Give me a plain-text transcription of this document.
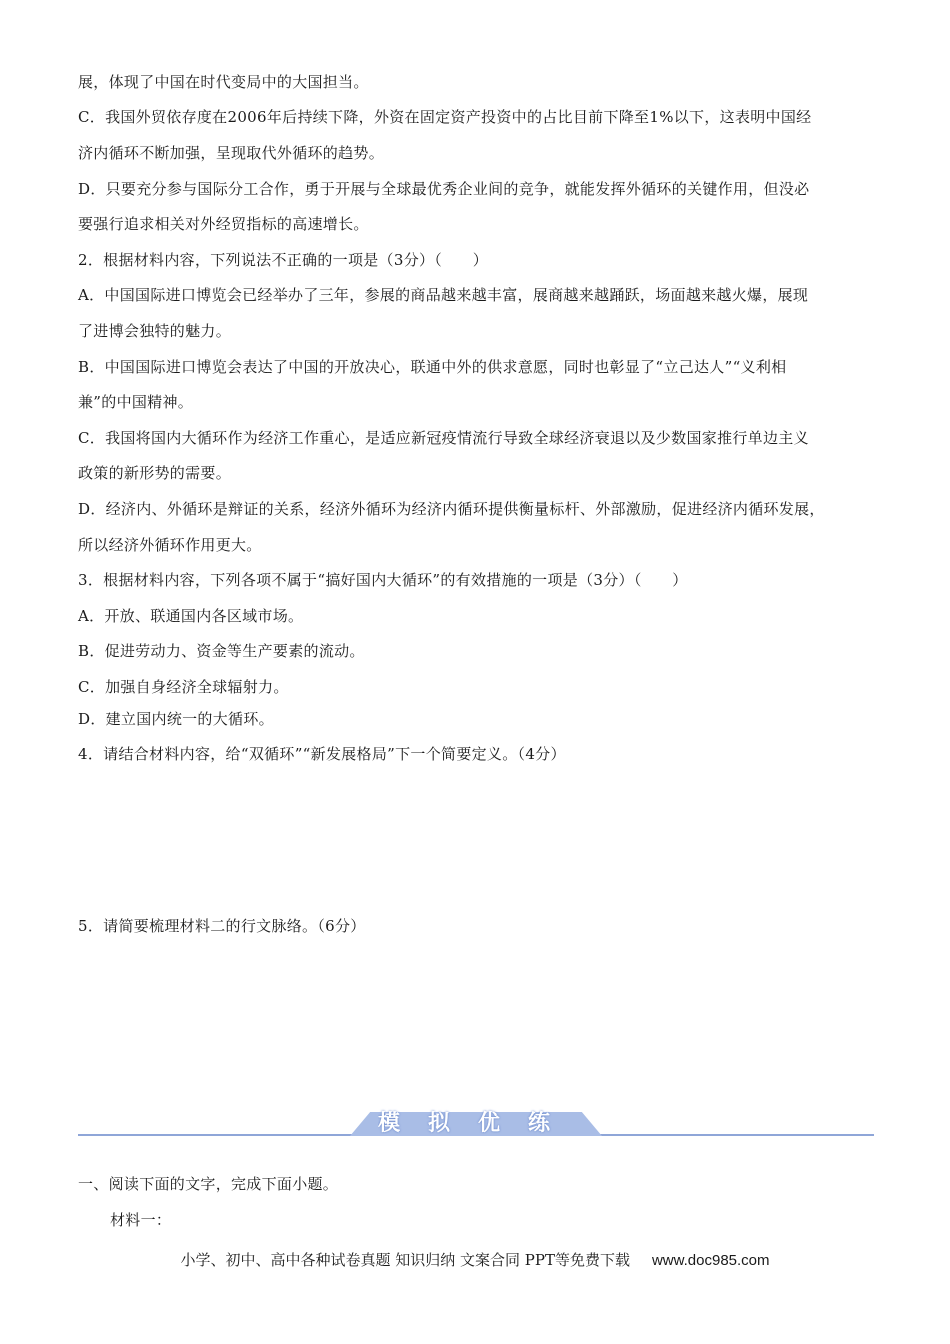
展，体现了中国在时代变局中的大国担当。
C．我国外贸依存度在2006年后持续下降，外资在固定资产投资中的占比目前下降至1%以下，这表明中国经
济内循环不断加强，呈现取代外循环的趋势。
D．只要充分参与国际分工合作，勇于开展与全球最优秀企业间的竞争，就能发挥外循环的关键作用，但没必
要强行追求相关对外经贸指标的高速增长。
2．根据材料内容，下列说法不正确的一项是（3分）（　　）
A．中国国际进口博览会已经举办了三年，参展的商品越来越丰富，展商越来越踊跃，场面越来越火爆，展现
了进博会独特的魅力。
B．中国国际进口博览会表达了中国的开放决心，联通中外的供求意愿，同时也彰显了“立己达人”“义利相
兼”的中国精神。
C．我国将国内大循环作为经济工作重心，是适应新冠疫情流行导致全球经济衰退以及少数国家推行单边主义
政策的新形势的需要。
D．经济内、外循环是辩证的关系，经济外循环为经济内循环提供衡量标杆、外部激励，促进经济内循环发展，
所以经济外循环作用更大。
3．根据材料内容，下列各项不属于“搞好国内大循环”的有效措施的一项是（3分）（　　）
A．开放、联通国内各区域市场。
B．促进劳动力、资金等生产要素的流动。
C．加强自身经济全球辐射力。
D．建立国内统一的大循环。
4．请结合材料内容，给“双循环”“新发展格局”下一个简要定义。（4分）
5．请简要梳理材料二的行文脉络。（6分）
模拟优练
一、阅读下面的文字，完成下面小题。
材料一：
小学、初中、高中各种试卷真题 知识归纳 文案合同 PPT等免费下载 www.doc985.com
